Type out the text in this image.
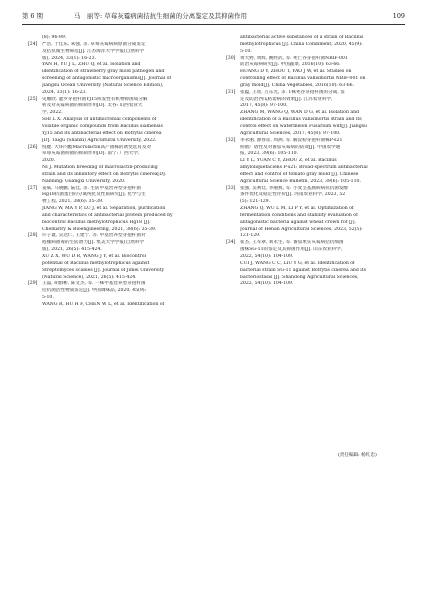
第 6 期	马　丽等: 草莓灰霉病菌拮抗生细菌的分离鉴定及其抑菌作用	109
(8): 96-99.
[24] 严浩, 于佳乐, 朱强, 等. 草莓灰霉病病原菌分离鉴定
及拮抗微生物筛选[J]. 江苏海洋大学学报(自然科学
版), 2024, 33(1): 16-23.
YAN H, YU J L, ZHU Q, et al. Isolation and
identification of strawberry gray mold pathogen and
screening of antagonistic microorganisms[J]. Journal of
Jiangsu Ocean University (Natural Science Edition),
2024, 33(1): 16-23.
[25] 史雕欣. 暹罗芽孢杆菌YJ15挥发性有机物抑菌成分解
析及对灰霉病菌的抑制作用[D]. 太谷: 山西农业大
学, 2022.
SHI L X. Analysis of antimicrobial components of
volatile organic compounds from Bacillus siamensis
YJ15 and its antibacterial effect on Botrytis cinerea
[D]. Taigu (Shanxi) Agricultural University, 2022.
[26] 倪婕. 大环内酯Macrolactin高产菌株的诱变选育及对
草莓灰霉菌抑菌的抑制作用[D]. 南宁: 广西大学,
2020.
NI J. Mutation breeding of macrolactin-producing
strain and its inhibitory effect on Botrytis cinerea[D].
Nanning: Guangxi University, 2020.
[27] 姜威, 马晓鹏, 陆佳, 等. 生防甲基营养型芽孢杆菌
Hg18抗菌蛋白的分离纯化及性质研究[J]. 化学与生
物工程, 2021, 38(6): 35-39.
JIANG W, MA Y P, LU J, et al. Separation, purification
and characteristics of antibacterial protein produced by
biocontrol Bacillus methylotrophicus Hg18 [J].
Chemistry & Bioengineering, 2021, 38(6): 35-39.
[28] 许子寰, 吴达仁, 王建宁, 等. 甲基营养型芽孢杆菌对
疮痂病菌毒的生防潜力[J]. 集美大学学报(自然科学
版), 2021, 26(5): 415-424.
XU Z X, WU D R, WANG J Y, et al. Biocontrol
potential of Bacillus methylotrophicus against
Streptomyces scabies [J]. Journal of Jimei University
(Natural Science), 2021, 26(5): 415-424.
[29] 王磊, 胡群彬, 陈文杰, 等. 一株甲基营养型芽孢杆菌
拮抗菌活性物质鉴定[J]. 中国调味品, 2020, 45(9):
5-10.
WANG R, HU H F, CHEN W L, et al. Identification of
antibacterial active substances of a strain of Bacillus
methylotrophicus [J]. China Condiment, 2020, 45(9):
5-10.
[30] 黄大野, 周辉, 姚经武, 等. 死亡谷芽孢杆菌NBIF-001
防治灰霉病研究[J]. 中国蔬菜, 2016(10): 63-66.
HUANG D Y, ZHOU T, YAO J W, et al. Studies on
controlling effect of Bacillus vallismortis NBIF-001 on
gray mold[J]. China Vegetables, 2016(10): 63-66.
[31] 张蕴, 王瑶, 万东光, 等. 1株死谷芽孢杆菌的分离, 鉴
定及防治西瓜枯萎病的效果[J]. 江苏农业科学,
2017, 45(8): 97-100.
ZHANG M, WANG Q, WAN D G, et al. Isolation and
identification of a Bacillus vallismortis strain and its
control effect on watermelon Fusarium wilt[J]. Jiangsu
Agricultural Sciences, 2017, 45(8): 97-100.
[32] 李永丽, 源春彦, 周洲, 等. 解淀粉芽孢杆菌株P-s21
抑菌广谱性及对番茄灰霉病的防效[J]. 中国农学通
报, 2023, 39(6): 105-110.
LI Y L, YUAN C Y, ZHOU Z, et al. Bacillus
amyloliquefaciens P-s21: Broad-spectrum antibacterial
effect and control of tomato gray mold [J]. Chinese
Agricultural Science Bulletin, 2023, 39(6): 105-110.
[33] 张强, 吴利廷, 李丽燕, 等. 小麦茎基腐病病抗抗菌发酵
条件优化及稳定性评价[J]. 河南农业科学, 2023, 52
(5): 121-129.
ZHANG Q, WU L M, LI P Y, et al. Optimization of
fermentation conditions and stability evaluation of
antagonistic bacteria against wheat crown rot [J].
Journal of Henan Agricultural Sciences, 2023, 52(5):
121-129.
[34] 崔杰, 王军翠, 刘永生, 等. 番茄果实灰霉病拮抗细菌
菌株SG-11的鉴定及其抑菌作用[J]. 山东农业科学,
2022, 54(10): 104-109.
CUI J, WANG C C, LIU Y G, et al. Identification of
bacterial strain SG-11 against Botrytis cinerea and its
bacteriostasis [J]. Shandong Agricultural Sciences,
2022, 54(10): 104-109.
(责任编辑: 杨红忠)
